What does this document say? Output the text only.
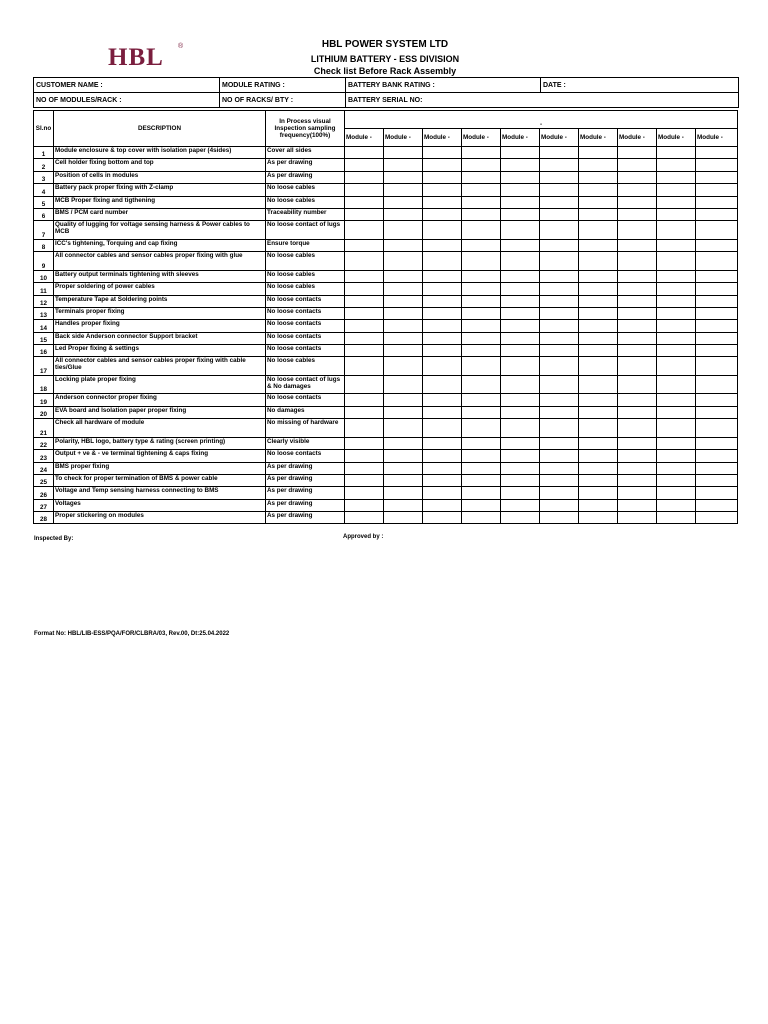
HBL ®	HBL POWER SYSTEM LTD
LITHIUM BATTERY - ESS DIVISION
Check list Before Rack Assembly
CUSTOMER NAME :	MODULE RATING :	BATTERY BANK RATING :	DATE :
NO OF MODULES/RACK :	NO OF RACKS/ BTY :	BATTERY SERIAL NO:	
Sl.no	DESCRIPTION	In Process visual Inspection sampling frequency(100%)	-									
			Module -	Module -	Module -	Module -	Module -	Module -	Module -	Module -	Module -	Module -
1	Module enclosure & top cover with isolation paper (4sides)	Cover all sides										
2	Cell holder fixing bottom and top	As per drawing										
3	Position of cells in modules	As per drawing										
4	Battery pack proper fixing with Z-clamp	No loose cables										
5	MCB Proper fixing and tigthening	No loose cables										
6	BMS / PCM card number	Traceability number										
7	Quality of lugging for voltage sensing harness & Power cables to MCB	No loose contact of lugs										
8	ICC's tightening, Torquing and cap fixing	Ensure torque										
9	All connector cables and sensor cables proper fixing with glue	No loose cables										
10	Battery output terminals tightening with sleeves	No loose cables										
11	Proper soldering of power cables	No loose cables										
12	Temperature Tape at Soldering points	No loose contacts										
13	Terminals proper fixing	No loose contacts										
14	Handles proper fixing	No loose contacts										
15	Back side Anderson connector Support bracket	No loose contacts										
16	Led Proper fixing & settings	No loose contacts										
17	All connector cables and sensor cables proper fixing with cable ties/Glue	No loose cables										
18	Locking plate proper fixing	No loose contact of lugs & No damages										
19	Anderson connector proper fixing	No loose contacts										
20	EVA board and Isolation paper proper fixing	No damages										
21	Check all hardware of module	No missing of hardware										
22	Polarity, HBL logo, battery type & rating (screen printing)	Clearly visible										
23	Output + ve & - ve terminal tightening & caps fixing	No loose contacts										
24	BMS proper fixing	As per drawing										
25	To check for proper termination of BMS & power cable	As per drawing										
26	Voltage and Temp sensing harness connecting to BMS	As per drawing										
27	Voltages	As per drawing										
28	Proper stickering on modules	As per drawing										
Inspected By:	Approved by :
Format No: HBL/LIB-ESS/PQA/FOR/CLBRA/03, Rev.00, Dt:25.04.2022
